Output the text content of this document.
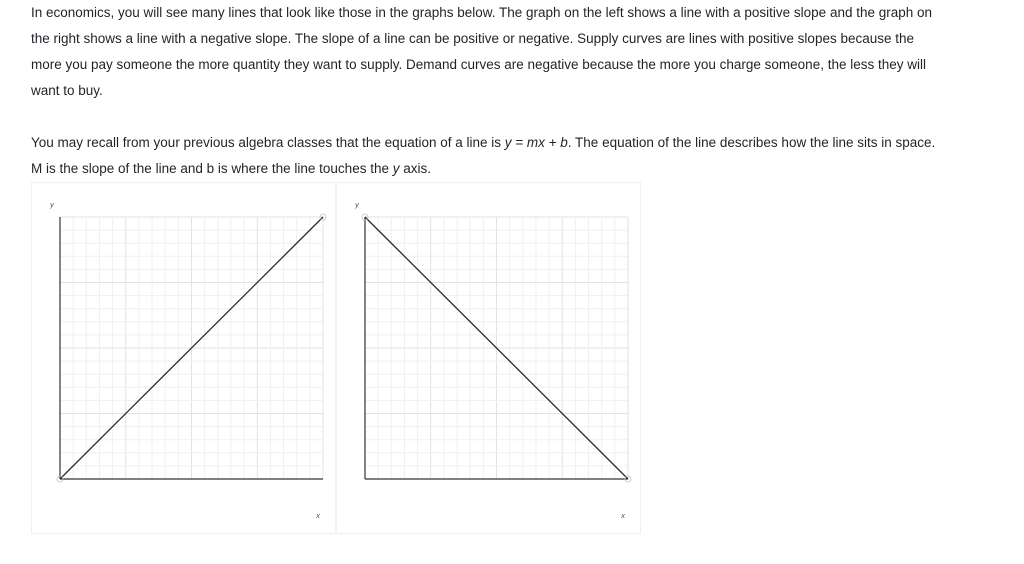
In economics, you will see many lines that look like those in the graphs below. The graph on the left shows a line with a positive slope and the graph on
the right shows a line with a negative slope. The slope of a line can be positive or negative. Supply curves are lines with positive slopes because the
more you pay someone the more quantity they want to supply. Demand curves are negative because the more you charge someone, the less they will
want to buy.
You may recall from your previous algebra classes that the equation of a line is y = mx + b. The equation of the line describes how the line sits in space.
M is the slope of the line and b is where the line touches the y axis.
y
x
y
x
